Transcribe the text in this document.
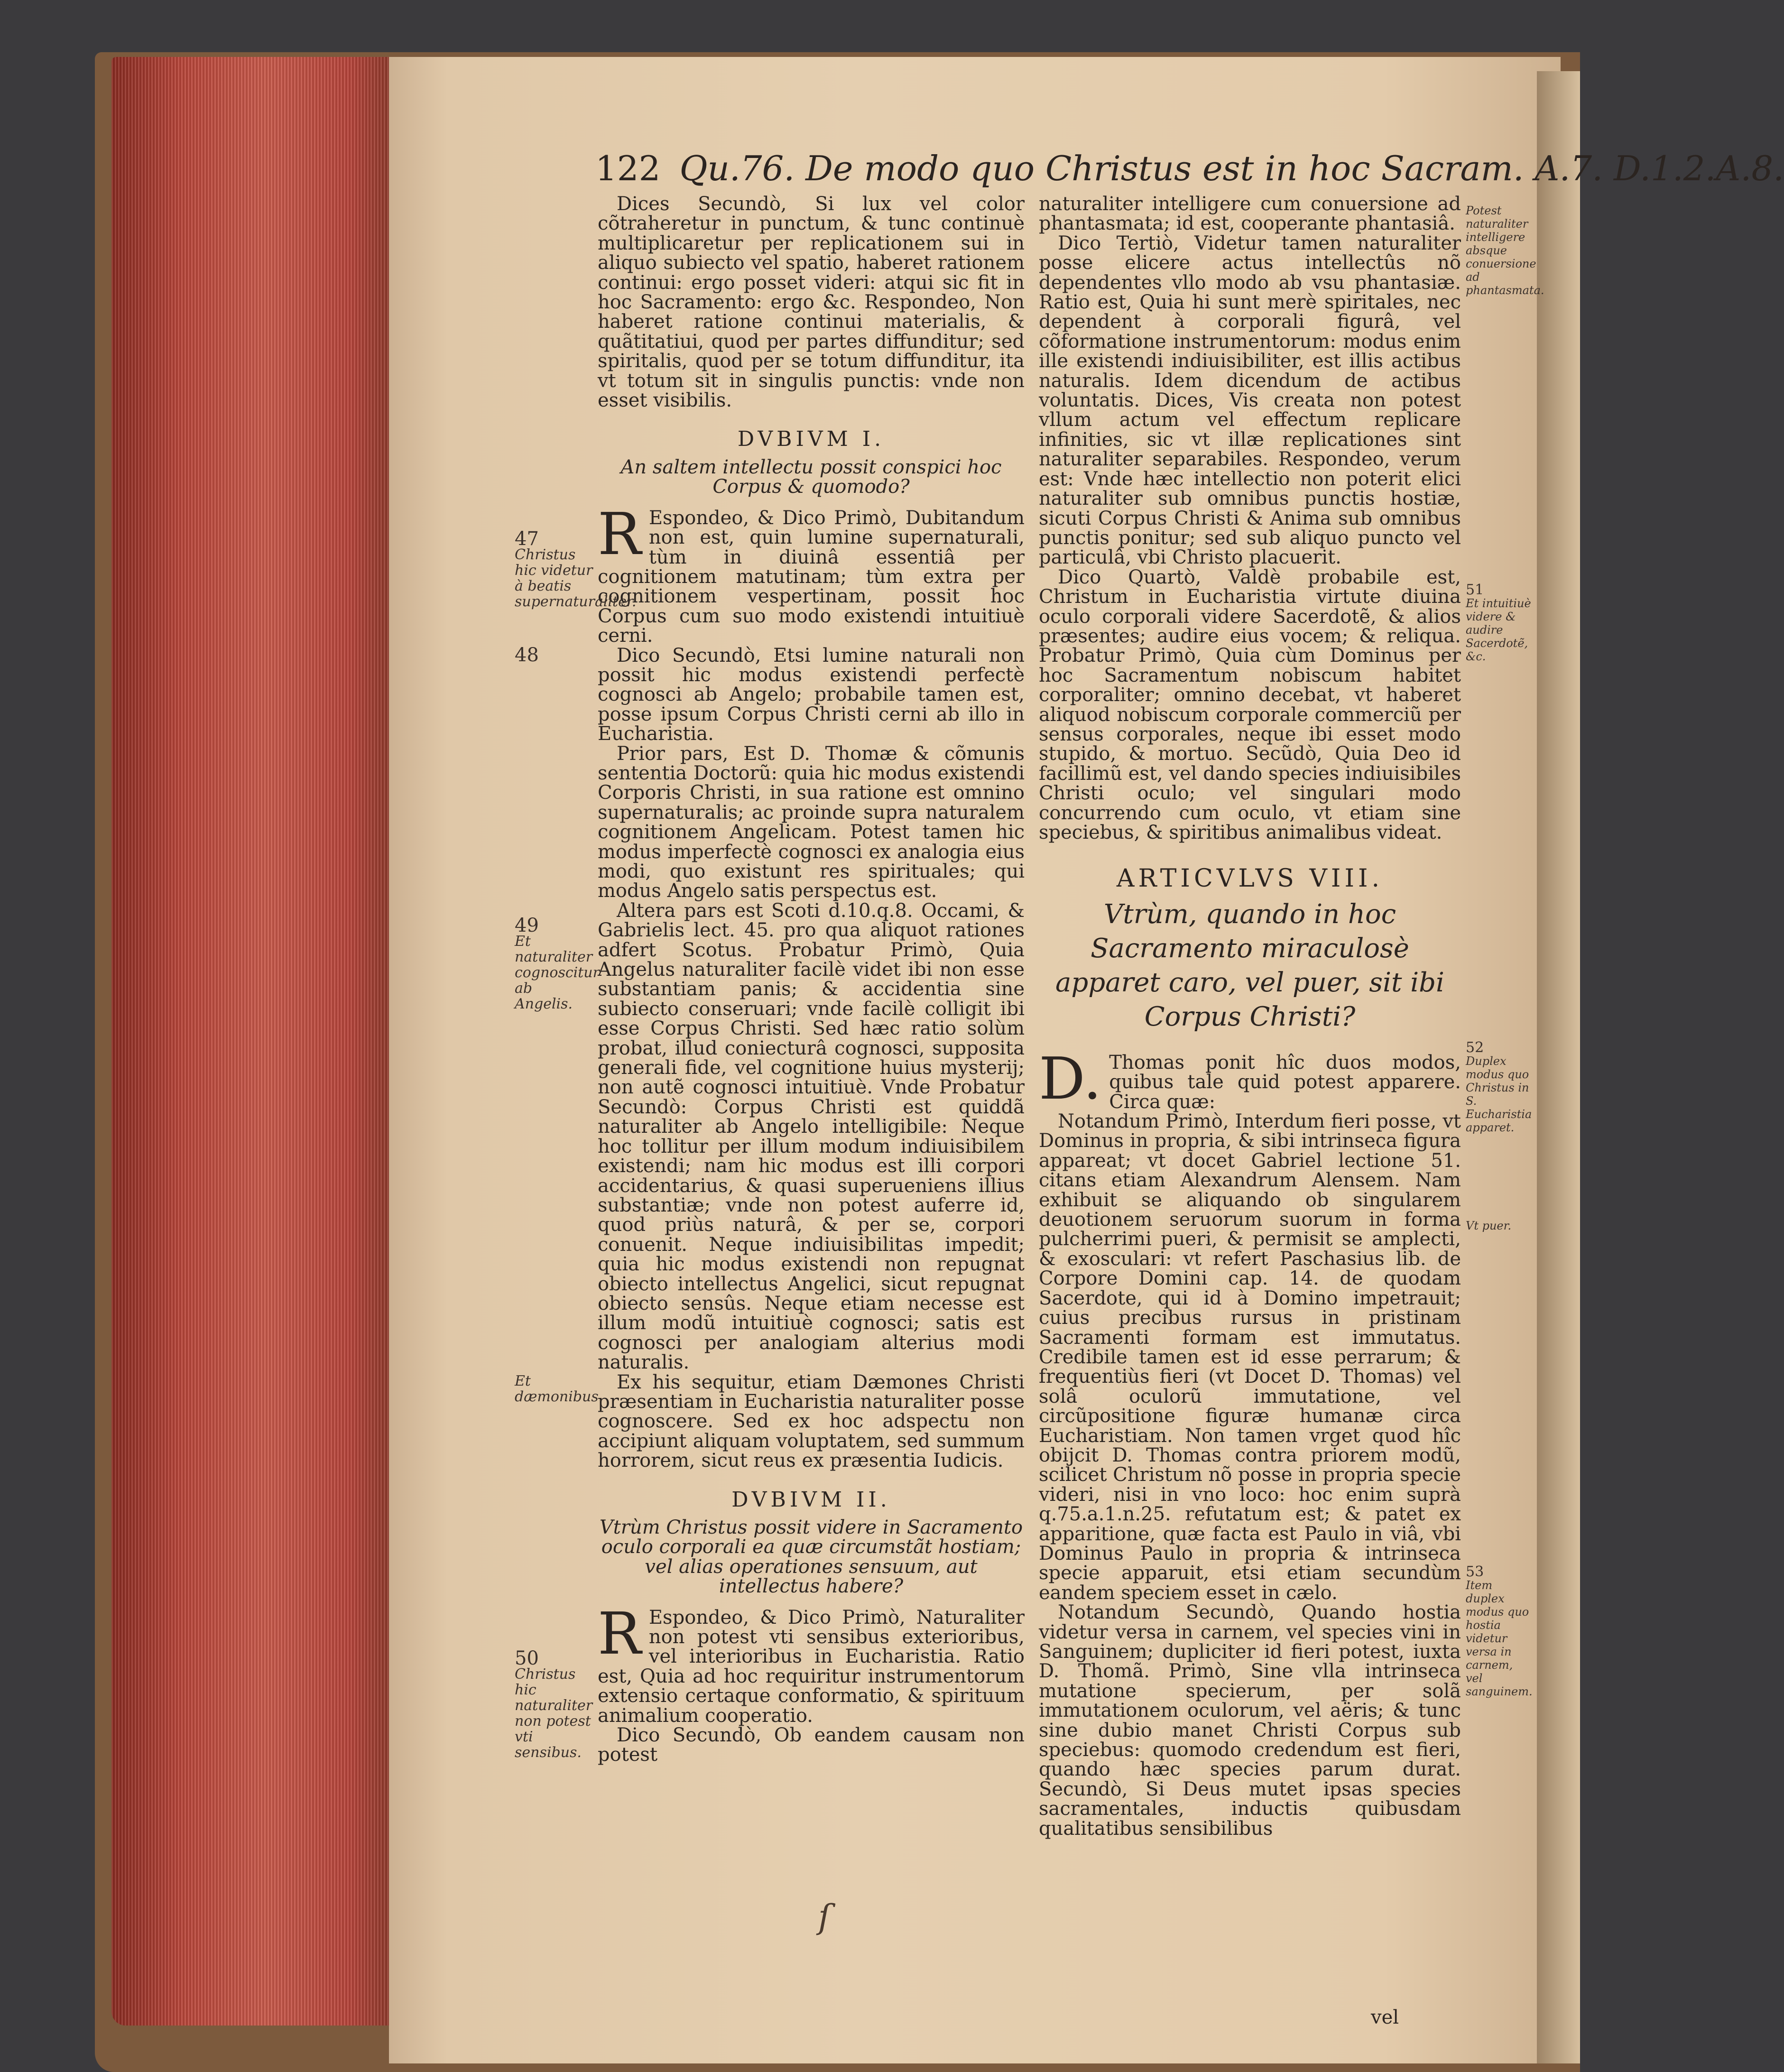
122 Qu.76. De modo quo Christus est in hoc Sacram. A.7. D.1.2.A.8.

Dices Secundò, Si lux vel color cõtraheretur in punctum, & tunc continuè multiplicaretur per replicationem sui in aliquo subiecto vel spatio, haberet rationem continui: ergo posset videri: atqui sic fit in hoc Sacramento: ergo &c. Respondeo, Non haberet ratione continui materialis, & quãtitatiui, quod per partes diffunditur; sed spiritalis, quod per se totum diffunditur, ita vt totum sit in singulis punctis: vnde non esset visibilis.

DVBIVM I.
An saltem intellectu possit conspici hoc Corpus & quomodo?

R Espondeo, & Dico Primò, Dubitandum non est, quin lumine supernaturali, tùm in diuinâ essentiâ per cognitionem matutinam; tùm extra per cognitionem vespertinam, possit hoc Corpus cum suo modo existendi intuitiuè cerni.

Dico Secundò, Etsi lumine naturali non possit hic modus existendi perfectè cognosci ab Angelo; probabile tamen est, posse ipsum Corpus Christi cerni ab illo in Eucharistia.

Prior pars, Est D. Thomæ & cõmunis sententia Doctorũ: quia hic modus existendi Corporis Christi, in sua ratione est omnino supernaturalis; ac proinde supra naturalem cognitionem Angelicam. Potest tamen hic modus imperfectè cognosci ex analogia eius modi, quo existunt res spirituales; qui modus Angelo satis perspectus est.

Altera pars est Scoti d.10.q.8. Occami, & Gabrielis lect. 45. pro qua aliquot rationes adfert Scotus. Probatur Primò, Quia Angelus naturaliter facilè videt ibi non esse substantiam panis; & accidentia sine subiecto conseruari; vnde facilè colligit ibi esse Corpus Christi. Sed hæc ratio solùm probat, illud coniecturâ cognosci, supposita generali fide, vel cognitione huius mysterij; non autẽ cognosci intuitiuè. Vnde Probatur Secundò: Corpus Christi est quiddã naturaliter ab Angelo intelligibile: Neque hoc tollitur per illum modum indiuisibilem existendi; nam hic modus est illi corpori accidentarius, & quasi superueniens illius substantiæ; vnde non potest auferre id, quod priùs naturâ, & per se, corpori conuenit. Neque indiuisibilitas impedit; quia hic modus existendi non repugnat obiecto intellectus Angelici, sicut repugnat obiecto sensûs. Neque etiam necesse est illum modũ intuitiuè cognosci; satis est cognosci per analogiam alterius modi naturalis.

Ex his sequitur, etiam Dæmones Christi præsentiam in Eucharistia naturaliter posse cognoscere. Sed ex hoc adspectu non accipiunt aliquam voluptatem, sed summum horrorem, sicut reus ex præsentia Iudicis.

DVBIVM II.
Vtrùm Christus possit videre in Sacramento oculo corporali ea quæ circumstãt hostiam; vel alias operationes sensuum, aut intellectus habere?

R Espondeo, & Dico Primò, Naturaliter non potest vti sensibus exterioribus, vel interioribus in Eucharistia. Ratio est, Quia ad hoc requiritur instrumentorum extensio certaque conformatio, & spirituum animalium cooperatio.

Dico Secundò, Ob eandem causam non potest

naturaliter intelligere cum conuersione ad phantasmata; id est, cooperante phantasiâ.

Dico Tertiò, Videtur tamen naturaliter posse elicere actus intellectûs nõ dependentes vllo modo ab vsu phantasiæ. Ratio est, Quia hi sunt merè spiritales, nec dependent à corporali figurâ, vel cõformatione instrumentorum: modus enim ille existendi indiuisibiliter, est illis actibus naturalis. Idem dicendum de actibus voluntatis. Dices, Vis creata non potest vllum actum vel effectum replicare infinities, sic vt illæ replicationes sint naturaliter separabiles. Respondeo, verum est: Vnde hæc intellectio non poterit elici naturaliter sub omnibus punctis hostiæ, sicuti Corpus Christi & Anima sub omnibus punctis ponitur; sed sub aliquo puncto vel particulâ, vbi Christo placuerit.

Dico Quartò, Valdè probabile est, Christum in Eucharistia virtute diuina oculo corporali videre Sacerdotẽ, & alios præsentes; audire eius vocem; & reliqua. Probatur Primò, Quia cùm Dominus per hoc Sacramentum nobiscum habitet corporaliter; omnino decebat, vt haberet aliquod nobiscum corporale commerciũ per sensus corporales, neque ibi esset modo stupido, & mortuo. Secũdò, Quia Deo id facillimũ est, vel dando species indiuisibiles Christi oculo; vel singulari modo concurrendo cum oculo, vt etiam sine speciebus, & spiritibus animalibus videat.

ARTICVLVS VIII.
Vtrùm, quando in hoc Sacramento miraculosè apparet caro, vel puer, sit ibi Corpus Christi?

D. Thomas ponit hîc duos modos, quibus tale quid potest apparere. Circa quæ:

Notandum Primò, Interdum fieri posse, vt Dominus in propria, & sibi intrinseca figura appareat; vt docet Gabriel lectione 51. citans etiam Alexandrum Alensem. Nam exhibuit se aliquando ob singularem deuotionem seruorum suorum in forma pulcherrimi pueri, & permisit se amplecti, & exosculari: vt refert Paschasius lib. de Corpore Domini cap. 14. de quodam Sacerdote, qui id à Domino impetrauit; cuius precibus rursus in pristinam Sacramenti formam est immutatus. Credibile tamen est id esse perrarum; & frequentiùs fieri (vt Docet D. Thomas) vel solâ oculorũ immutatione, vel circũpositione figuræ humanæ circa Eucharistiam. Non tamen vrget quod hîc obijcit D. Thomas contra priorem modũ, scilicet Christum nõ posse in propria specie videri, nisi in vno loco: hoc enim suprà q.75.a.1.n.25. refutatum est; & patet ex apparitione, quæ facta est Paulo in viâ, vbi Dominus Paulo in propria & intrinseca specie apparuit, etsi etiam secundùm eandem speciem esset in cælo.

Notandum Secundò, Quando hostia videtur versa in carnem, vel species vini in Sanguinem; dupliciter id fieri potest, iuxta D. Thomã. Primò, Sine vlla intrinseca mutatione specierum, per solã immutationem oculorum, vel aëris; & tunc sine dubio manet Christi Corpus sub speciebus: quomodo credendum est fieri, quando hæc species parum durat. Secundò, Si Deus mutet ipsas species sacramentales, inductis quibusdam qualitatibus sensibilibus

vel
47
Christus hic videtur à beatis supernaturaliter.
48
49
Et naturaliter cognoscitur ab Angelis.
Et dæmonibus.
50
Christus hic naturaliter non potest vti sensibus.
Potest naturaliter intelligere absque conuersione ad phantasmata.
51
Et intuitiuè videre & audire Sacerdotẽ, &c.
52
Duplex modus quo Christus in S. Eucharistia apparet.
Vt puer.
53
Item duplex modus quo hostia videtur versa in carnem, vel sanguinem.
ſ
